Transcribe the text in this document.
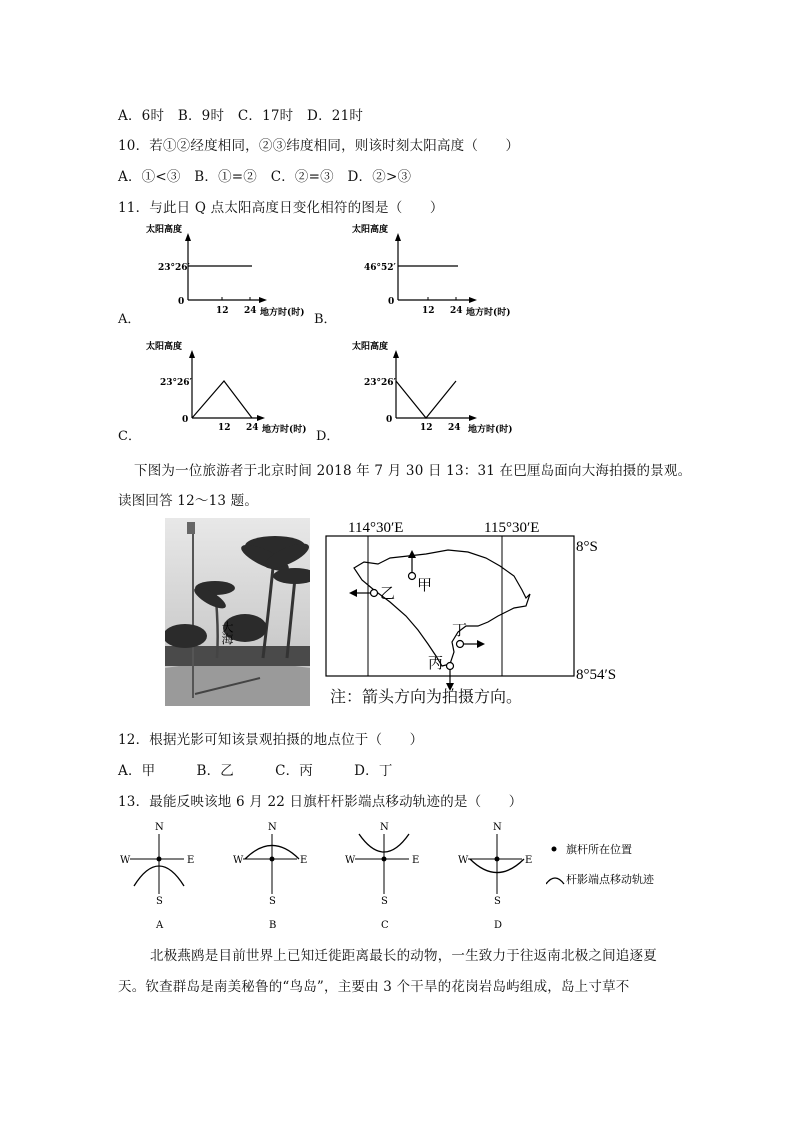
A．6时　B．9时　C．17时　D．21时
10．若①②经度相同，②③纬度相同，则该时刻太阳高度（　　）
A．①<③　B．①=②　C．②=③　D．②>③
11．与此日 Q 点太阳高度日变化相符的图是（　　）
太阳高度
0
23°26′
12 24 地方时(时)
A．
太阳高度
0
46°52′
12 24 地方时(时)
B．
太阳高度
0
23°26′
12 24 地方时(时)
C．
太阳高度
0
23°26′
12 24 地方时(时)
D．
下图为一位旅游者于北京时间 2018 年 7 月 30 日 13：31 在巴厘岛面向大海拍摄的景观。
读图回答 12～13 题。
大海
114°30′E	115°30′E
8°S
8°54′S
甲
乙
丁
丙
注：箭头方向为拍摄方向。
12．根据光影可知该景观拍摄的地点位于（　　）
A．甲　　　B．乙　　　C．丙　　　D．丁
13．最能反映该地 6 月 22 日旗杆杆影端点移动轨迹的是（　　）
N
S
W	E
A
N
S
W	E
B
N
S
W	E
C
N
S
W	E
D
旗杆所在位置
杆影端点移动轨迹
北极燕鸥是目前世界上已知迁徙距离最长的动物，一生致力于往返南北极之间追逐夏
天。钦查群岛是南美秘鲁的“鸟岛”，主要由 3 个干旱的花岗岩岛屿组成，岛上寸草不
